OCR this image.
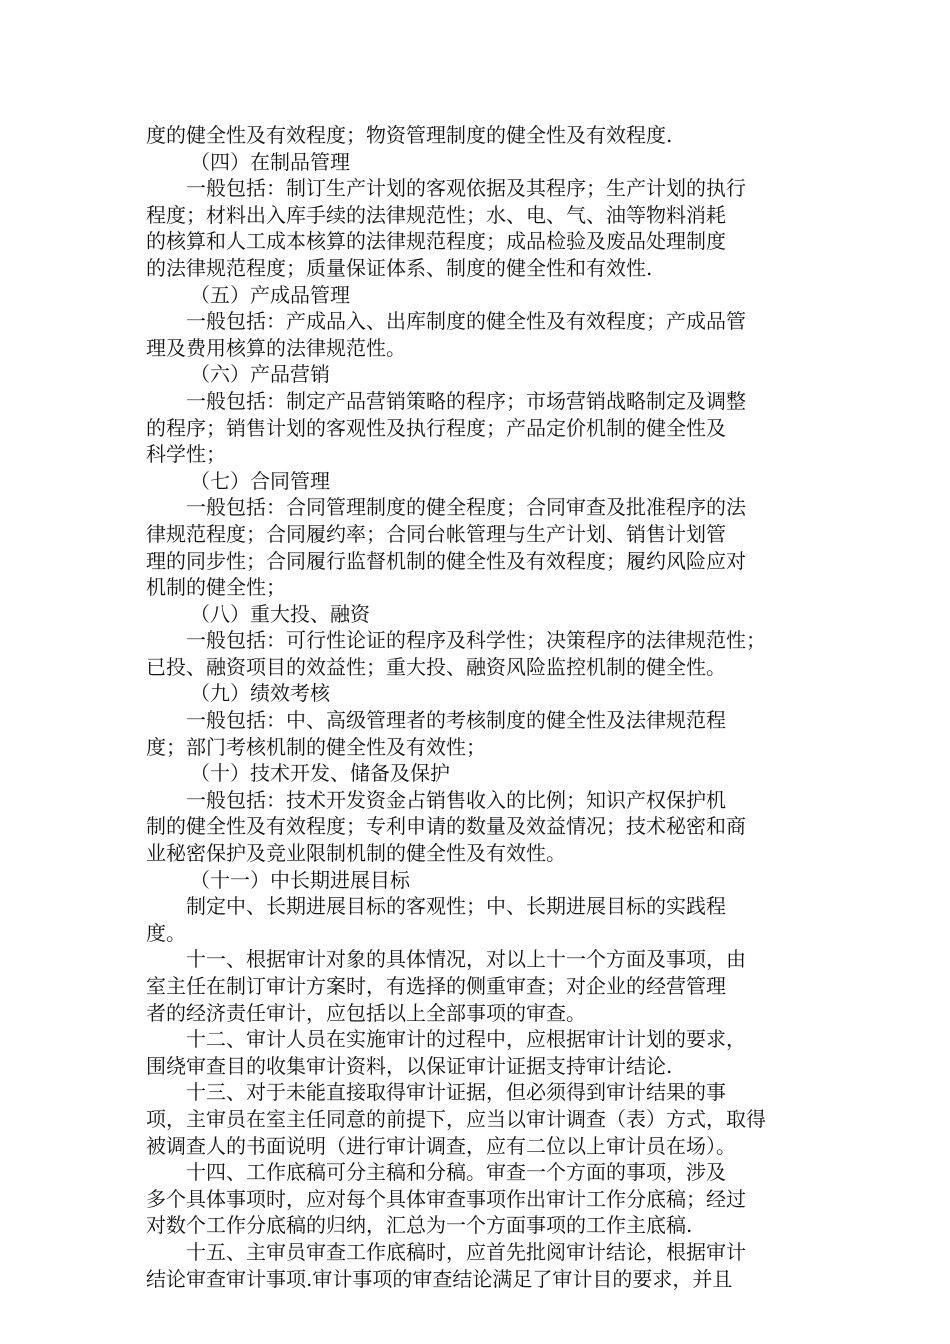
度的健全性及有效程度；物资管理制度的健全性及有效程度.
（四）在制品管理
一般包括：制订生产计划的客观依据及其程序；生产计划的执行
程度；材料出入库手续的法律规范性；水、电、气、油等物料消耗
的核算和人工成本核算的法律规范程度；成品检验及废品处理制度
的法律规范程度；质量保证体系、制度的健全性和有效性.
（五）产成品管理
一般包括：产成品入、出库制度的健全性及有效程度；产成品管
理及费用核算的法律规范性。
（六）产品营销
一般包括：制定产品营销策略的程序；市场营销战略制定及调整
的程序；销售计划的客观性及执行程度；产品定价机制的健全性及
科学性；
（七）合同管理
一般包括：合同管理制度的健全程度；合同审查及批准程序的法
律规范程度；合同履约率；合同台帐管理与生产计划、销售计划管
理的同步性；合同履行监督机制的健全性及有效程度；履约风险应对
机制的健全性；
（八）重大投、融资
一般包括：可行性论证的程序及科学性；决策程序的法律规范性；
已投、融资项目的效益性；重大投、融资风险监控机制的健全性。
（九）绩效考核
一般包括：中、高级管理者的考核制度的健全性及法律规范程
度；部门考核机制的健全性及有效性；
（十）技术开发、储备及保护
一般包括：技术开发资金占销售收入的比例；知识产权保护机
制的健全性及有效程度；专利申请的数量及效益情况；技术秘密和商
业秘密保护及竞业限制机制的健全性及有效性。
（十一）中长期进展目标
制定中、长期进展目标的客观性；中、长期进展目标的实践程
度。
十一、根据审计对象的具体情况，对以上十一个方面及事项，由
室主任在制订审计方案时，有选择的侧重审查；对企业的经营管理
者的经济责任审计，应包括以上全部事项的审查。
十二、审计人员在实施审计的过程中，应根据审计计划的要求，
围绕审查目的收集审计资料，以保证审计证据支持审计结论.
十三、对于未能直接取得审计证据，但必须得到审计结果的事
项，主审员在室主任同意的前提下，应当以审计调查（表）方式，取得
被调查人的书面说明（进行审计调查，应有二位以上审计员在场）。
十四、工作底稿可分主稿和分稿。审查一个方面的事项，涉及
多个具体事项时，应对每个具体审查事项作出审计工作分底稿；经过
对数个工作分底稿的归纳，汇总为一个方面事项的工作主底稿.
十五、主审员审查工作底稿时，应首先批阅审计结论，根据审计
结论审查审计事项.审计事项的审查结论满足了审计目的要求，并且
